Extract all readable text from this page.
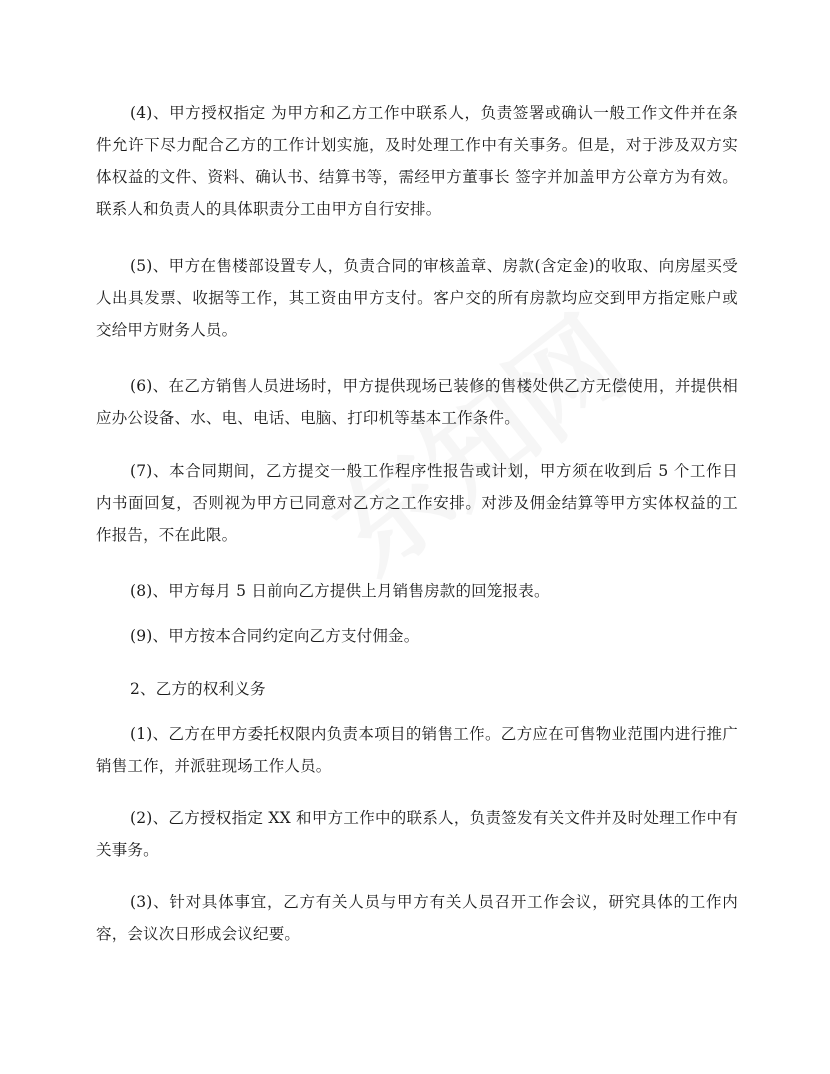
(4)、甲方授权指定 为甲方和乙方工作中联系人，负责签署或确认一般工作文件并在条件允许下尽力配合乙方的工作计划实施，及时处理工作中有关事务。但是，对于涉及双方实体权益的文件、资料、确认书、结算书等，需经甲方董事长 签字并加盖甲方公章方为有效。联系人和负责人的具体职责分工由甲方自行安排。

(5)、甲方在售楼部设置专人，负责合同的审核盖章、房款(含定金)的收取、向房屋买受人出具发票、收据等工作，其工资由甲方支付。客户交的所有房款均应交到甲方指定账户或交给甲方财务人员。

(6)、在乙方销售人员进场时，甲方提供现场已装修的售楼处供乙方无偿使用，并提供相应办公设备、水、电、电话、电脑、打印机等基本工作条件。

(7)、本合同期间，乙方提交一般工作程序性报告或计划，甲方须在收到后 5 个工作日内书面回复，否则视为甲方已同意对乙方之工作安排。对涉及佣金结算等甲方实体权益的工作报告，不在此限。

(8)、甲方每月 5 日前向乙方提供上月销售房款的回笼报表。

(9)、甲方按本合同约定向乙方支付佣金。

2、乙方的权利义务

(1)、乙方在甲方委托权限内负责本项目的销售工作。乙方应在可售物业范围内进行推广销售工作，并派驻现场工作人员。

(2)、乙方授权指定 XX 和甲方工作中的联系人，负责签发有关文件并及时处理工作中有关事务。

(3)、针对具体事宜，乙方有关人员与甲方有关人员召开工作会议，研究具体的工作内容，会议次日形成会议纪要。
